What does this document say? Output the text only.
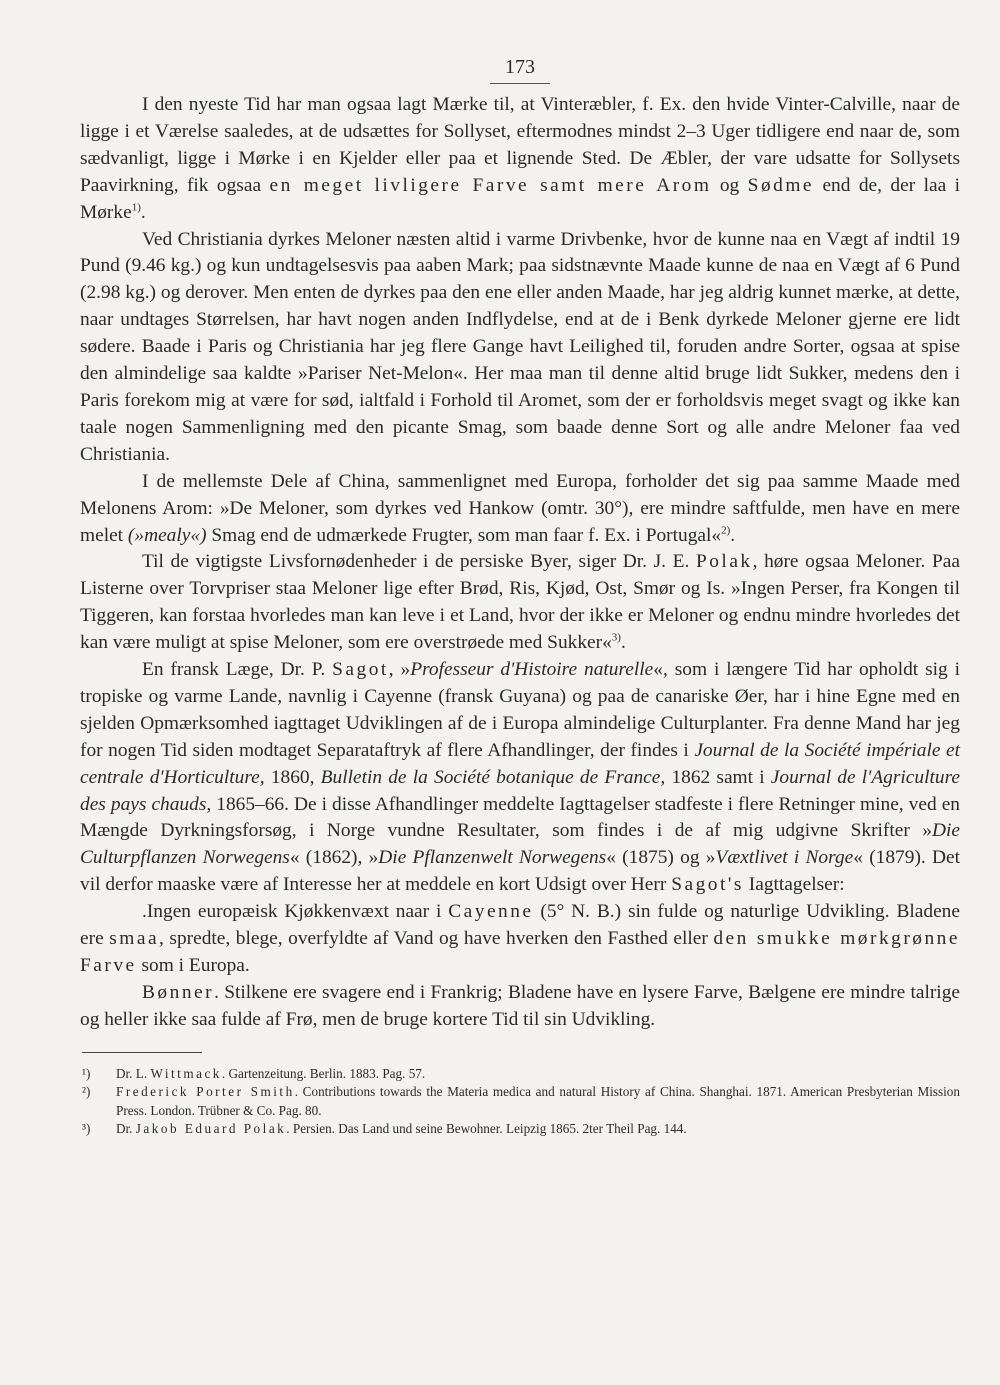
173

I den nyeste Tid har man ogsaa lagt Mærke til, at Vinteræbler, f. Ex. den hvide Vinter-Calville, naar de ligge i et Værelse saaledes, at de udsættes for Sollyset, eftermodnes mindst 2–3 Uger tidligere end naar de, som sædvanligt, ligge i Mørke i en Kjelder eller paa et lignende Sted. De Æbler, der vare udsatte for Sollysets Paavirkning, fik ogsaa en meget livligere Farve samt mere Arom og Sødme end de, der laa i Mørke$^{1)}$.

Ved Christiania dyrkes Meloner næsten altid i varme Drivbenke, hvor de kunne naa en Vægt af indtil 19 Pund (9.46 kg.) og kun undtagelsesvis paa aaben Mark; paa sidstnævnte Maade kunne de naa en Vægt af 6 Pund (2.98 kg.) og derover. Men enten de dyrkes paa den ene eller anden Maade, har jeg aldrig kunnet mærke, at dette, naar undtages Størrelsen, har havt nogen anden Indflydelse, end at de i Benk dyrkede Meloner gjerne ere lidt sødere. Baade i Paris og Christiania har jeg flere Gange havt Leilighed til, foruden andre Sorter, ogsaa at spise den almindelige saa kaldte »Pariser Net-Melon«. Her maa man til denne altid bruge lidt Sukker, medens den i Paris forekom mig at være for sød, ialtfald i Forhold til Aromet, som der er forholdsvis meget svagt og ikke kan taale nogen Sammenligning med den picante Smag, som baade denne Sort og alle andre Meloner faa ved Christiania.

I de mellemste Dele af China, sammenlignet med Europa, forholder det sig paa samme Maade med Melonens Arom: »De Meloner, som dyrkes ved Hankow (omtr. 30°), ere mindre saftfulde, men have en mere melet (»mealy«) Smag end de udmærkede Frugter, som man faar f. Ex. i Portugal«$^{2)}$.

Til de vigtigste Livsfornødenheder i de persiske Byer, siger Dr. J. E. Polak, høre ogsaa Meloner. Paa Listerne over Torvpriser staa Meloner lige efter Brød, Ris, Kjød, Ost, Smør og Is. »Ingen Perser, fra Kongen til Tiggeren, kan forstaa hvorledes man kan leve i et Land, hvor der ikke er Meloner og endnu mindre hvorledes det kan være muligt at spise Meloner, som ere overstrøede med Sukker«$^{3)}$.

En fransk Læge, Dr. P. Sagot, »Professeur d'Histoire naturelle«, som i længere Tid har opholdt sig i tropiske og varme Lande, navnlig i Cayenne (fransk Guyana) og paa de canariske Øer, har i hine Egne med en sjelden Opmærksomhed iagttaget Udviklingen af de i Europa almindelige Culturplanter. Fra denne Mand har jeg for nogen Tid siden modtaget Separataftryk af flere Afhandlinger, der findes i Journal de la Société impériale et centrale d'Horticulture, 1860, Bulletin de la Société botanique de France, 1862 samt i Journal de l'Agriculture des pays chauds, 1865–66. De i disse Afhandlinger meddelte Iagttagelser stadfeste i flere Retninger mine, ved en Mængde Dyrkningsforsøg, i Norge vundne Resultater, som findes i de af mig udgivne Skrifter »Die Culturpflanzen Norwegens« (1862), »Die Pflanzenwelt Norwegens« (1875) og »Væxtlivet i Norge« (1879). Det vil derfor maaske være af Interesse her at meddele en kort Udsigt over Herr Sagot's Iagttagelser:

.Ingen europæisk Kjøkkenvæxt naar i Cayenne (5° N. B.) sin fulde og naturlige Udvikling. Bladene ere smaa, spredte, blege, overfyldte af Vand og have hverken den Fasthed eller den smukke mørkgrønne Farve som i Europa.

Bønner. Stilkene ere svagere end i Frankrig; Bladene have en lysere Farve, Bælgene ere mindre talrige og heller ikke saa fulde af Frø, men de bruge kortere Tid til sin Udvikling.

¹)	Dr. L. Wittmack. Gartenzeitung. Berlin. 1883. Pag. 57.
²)	Frederick Porter Smith. Contributions towards the Materia medica and natural History af China. Shanghai. 1871. American Presbyterian Mission Press. London. Trübner & Co. Pag. 80.
³)	Dr. Jakob Eduard Polak. Persien. Das Land und seine Bewohner. Leipzig 1865. 2ter Theil Pag. 144.
